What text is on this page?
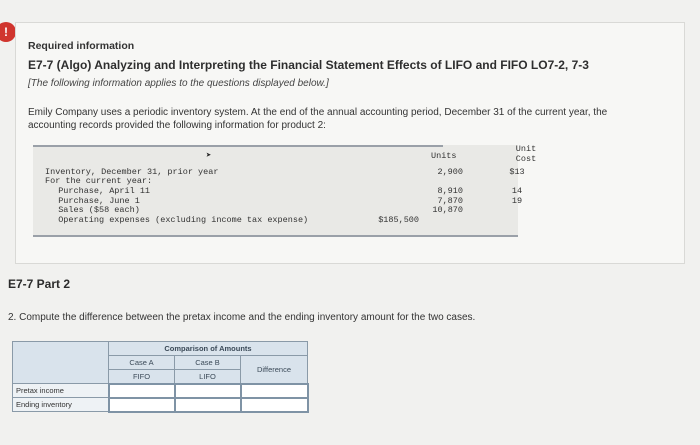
!
Required information
E7-7 (Algo) Analyzing and Interpreting the Financial Statement Effects of LIFO and FIFO LO7-2, 7-3
[The following information applies to the questions displayed below.]
Emily Company uses a periodic inventory system. At the end of the annual accounting period, December 31 of the current year, the accounting records provided the following information for product 2:
➤	Units
Unit Cost
Inventory, December 31, prior year	2,900	$13
For the current year:
Purchase, April 11	8,910	14
Purchase, June 1	7,870	19
Sales ($58 each)	10,870
Operating expenses (excluding income tax expense)	$185,500
E7-7 Part 2
2. Compute the difference between the pretax income and the ending inventory amount for the two cases.
	Comparison of Amounts		
	Case A	Case B	Difference
	FIFO	LIFO	
Pretax income			
Ending inventory			
